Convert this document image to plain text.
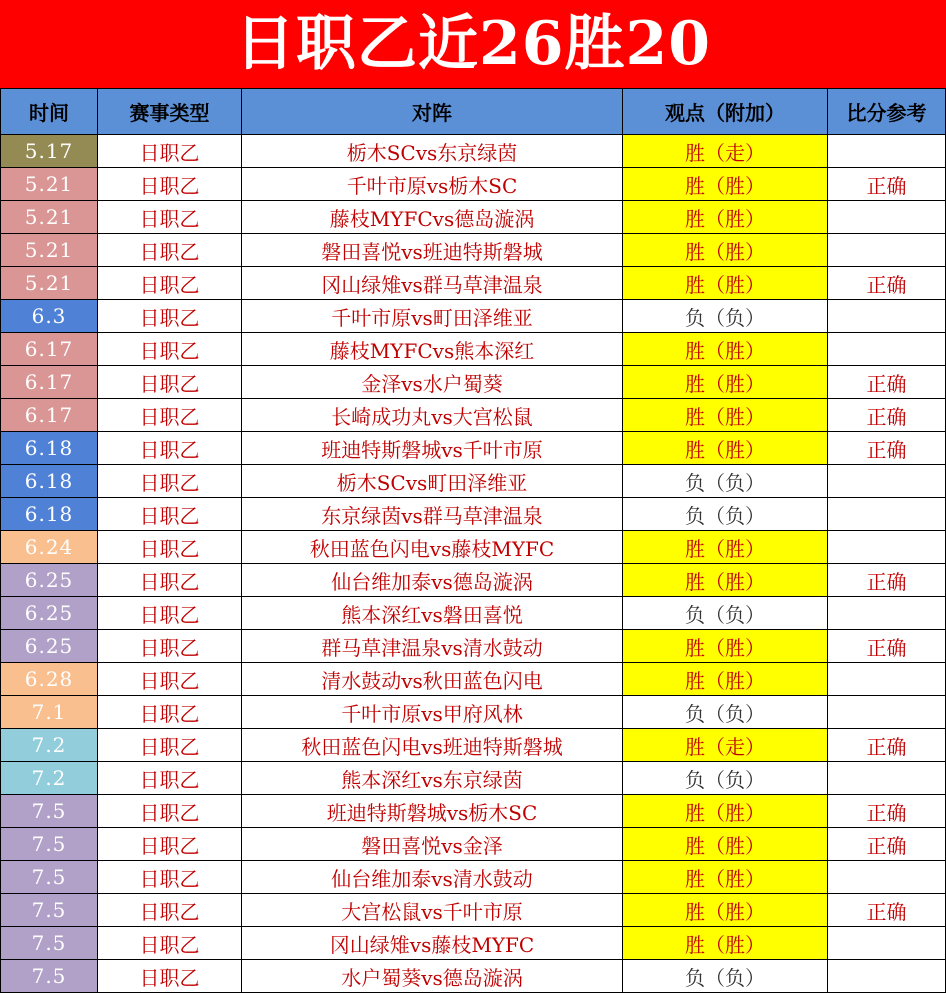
日职乙近26胜20
时间	赛事类型	对阵	观点（附加）	比分参考
5.17	日职乙	栃木SCvs东京绿茵	胜（走）	
5.21	日职乙	千叶市原vs栃木SC	胜（胜）	正确
5.21	日职乙	藤枝MYFCvs德岛漩涡	胜（胜）	
5.21	日职乙	磐田喜悦vs班迪特斯磐城	胜（胜）	
5.21	日职乙	冈山绿雉vs群马草津温泉	胜（胜）	正确
6.3	日职乙	千叶市原vs町田泽维亚	负（负）	
6.17	日职乙	藤枝MYFCvs熊本深红	胜（胜）	
6.17	日职乙	金泽vs水户蜀葵	胜（胜）	正确
6.17	日职乙	长崎成功丸vs大宫松鼠	胜（胜）	正确
6.18	日职乙	班迪特斯磐城vs千叶市原	胜（胜）	正确
6.18	日职乙	栃木SCvs町田泽维亚	负（负）	
6.18	日职乙	东京绿茵vs群马草津温泉	负（负）	
6.24	日职乙	秋田蓝色闪电vs藤枝MYFC	胜（胜）	
6.25	日职乙	仙台维加泰vs德岛漩涡	胜（胜）	正确
6.25	日职乙	熊本深红vs磐田喜悦	负（负）	
6.25	日职乙	群马草津温泉vs清水鼓动	胜（胜）	正确
6.28	日职乙	清水鼓动vs秋田蓝色闪电	胜（胜）	
7.1	日职乙	千叶市原vs甲府风林	负（负）	
7.2	日职乙	秋田蓝色闪电vs班迪特斯磐城	胜（走）	正确
7.2	日职乙	熊本深红vs东京绿茵	负（负）	
7.5	日职乙	班迪特斯磐城vs栃木SC	胜（胜）	正确
7.5	日职乙	磐田喜悦vs金泽	胜（胜）	正确
7.5	日职乙	仙台维加泰vs清水鼓动	胜（胜）	
7.5	日职乙	大宫松鼠vs千叶市原	胜（胜）	正确
7.5	日职乙	冈山绿雉vs藤枝MYFC	胜（胜）	
7.5	日职乙	水户蜀葵vs德岛漩涡	负（负）	
